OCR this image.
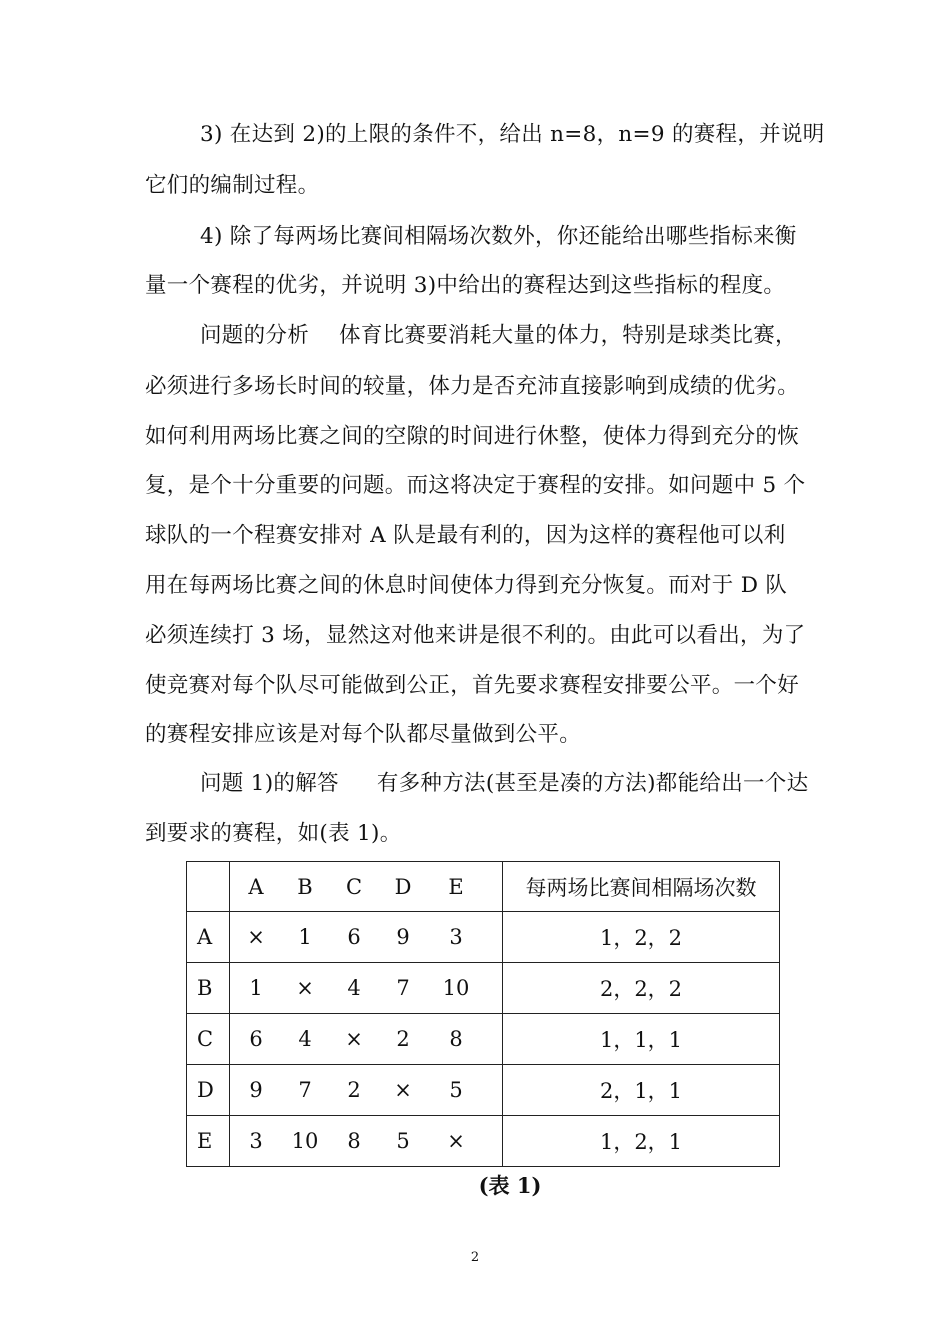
3) 在达到 2)的上限的条件不，给出 n=8，n=9 的赛程，并说明
它们的编制过程。
4) 除了每两场比赛间相隔场次数外，你还能给出哪些指标来衡
量一个赛程的优劣，并说明 3)中给出的赛程达到这些指标的程度。
问题的分析 体育比赛要消耗大量的体力，特别是球类比赛，
必须进行多场长时间的较量，体力是否充沛直接影响到成绩的优劣。
如何利用两场比赛之间的空隙的时间进行休整，使体力得到充分的恢
复，是个十分重要的问题。而这将决定于赛程的安排。如问题中 5 个
球队的一个程赛安排对 A 队是最有利的，因为这样的赛程他可以利
用在每两场比赛之间的休息时间使体力得到充分恢复。而对于 D 队
必须连续打 3 场，显然这对他来讲是很不利的。由此可以看出，为了
使竞赛对每个队尽可能做到公正，首先要求赛程安排要公平。一个好
的赛程安排应该是对每个队都尽量做到公平。
问题 1)的解答 有多种方法(甚至是凑的方法)都能给出一个达
到要求的赛程，如(表 1)。

	A B C D E	每两场比赛间相隔场次数
A	× 1 6 9 3	1，2，2
B	1 × 4 7 10	2，2，2
C	6 4 × 2 8	1，1，1
D	9 7 2 × 5	2，1，1
E	3 10 8 5 ×	1，2，1
(表 1)
2
